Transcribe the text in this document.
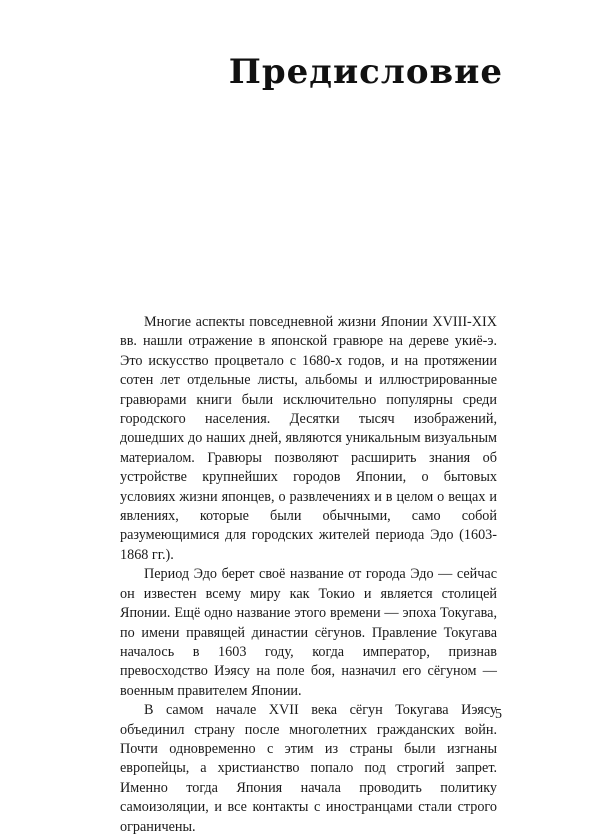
Предисловие

Многие аспекты повседневной жизни Японии XVIII-XIX вв. нашли отражение в японской гравюре на дереве укиё-э. Это искусство процветало с 1680-х годов, и на протяжении сотен лет отдельные листы, альбомы и иллюстрированные гравюрами книги были исключительно популярны среди городского населения. Десятки тысяч изображений, дошедших до наших дней, являются уникальным визуальным материалом. Гравюры позволяют расширить знания об устройстве крупнейших городов Японии, о бытовых условиях жизни японцев, о развлечениях и в целом о вещах и явлениях, которые были обычными, само собой разумеющимися для городских жителей периода Эдо (1603-1868 гг.).

Период Эдо берет своё название от города Эдо — сейчас он известен всему миру как Токио и является столицей Японии. Ещё одно название этого времени — эпоха Токугава, по имени правящей династии сёгунов. Правление Токугава началось в 1603 году, когда император, признав превосходство Иэясу на поле боя, назначил его сёгуном — военным правителем Японии.

В самом начале XVII века сёгун Токугава Иэясу объединил страну после многолетних гражданских войн. Почти одновременно с этим из страны были изгнаны европейцы, а христианство попало под строгий запрет. Именно тогда Япония начала проводить политику самоизоляции, и все контакты с иностранцами стали строго ограничены.

5
